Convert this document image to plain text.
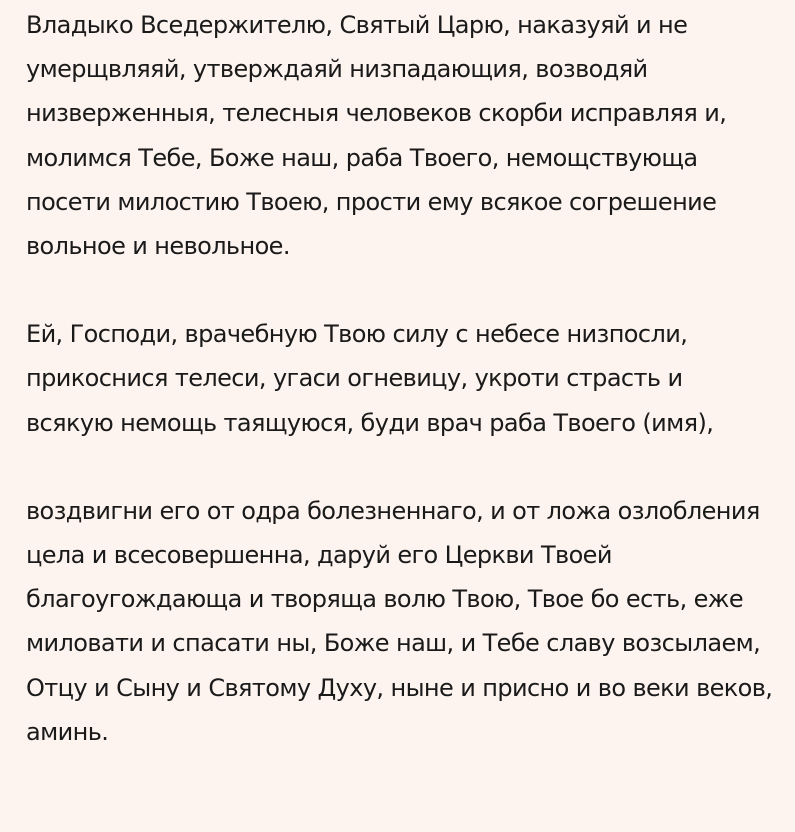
Владыко Вседержителю, Святый Царю, наказуяй и не умерщвляяй, утверждаяй низпадающия, возводяй низверженныя, телесныя человеков скорби исправляя и, молимся Тебе, Боже наш, раба Твоего, немощствующа посети милостию Твоею, прости ему всякое согрешение вольное и невольное.

Ей, Господи, врачебную Твою силу с небесе низпосли, прикоснися телеси, угаси огневицу, укроти страсть и всякую немощь таящуюся, буди врач раба Твоего (имя),

воздвигни его от одра болезненнаго, и от ложа озлобления цела и всесовершенна, даруй его Церкви Твоей благоугождающа и творяща волю Твою, Твое бо есть, еже миловати и спасати ны, Боже наш, и Тебе славу возсылаем, Отцу и Сыну и Святому Духу, ныне и присно и во веки веков, аминь.
